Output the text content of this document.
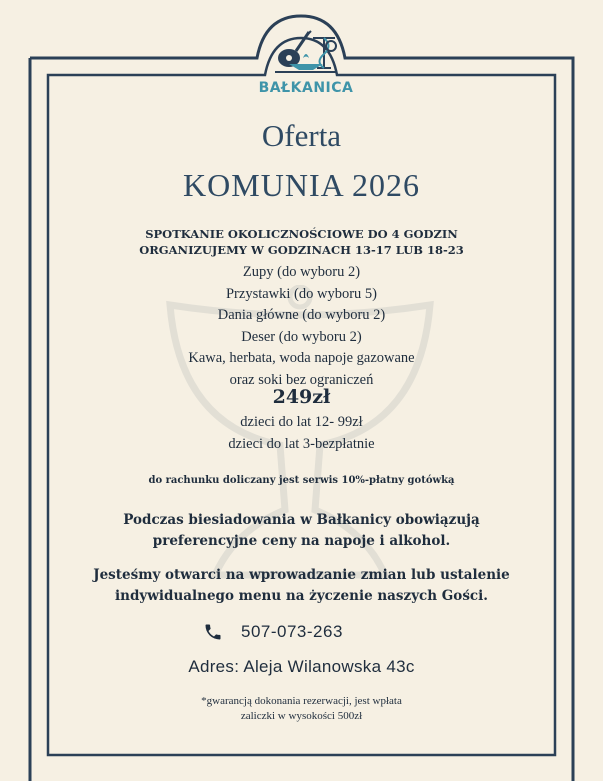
BAŁKANICA
Oferta
KOMUNIA 2026
SPOTKANIE OKOLICZNOŚCIOWE DO 4 GODZIN
ORGANIZUJEMY W GODZINACH 13-17 LUB 18-23
Zupy (do wyboru 2)
Przystawki (do wyboru 5)
Dania główne (do wyboru 2)
Deser (do wyboru 2)
Kawa, herbata, woda napoje gazowane
oraz soki bez ograniczeń
249zł
dzieci do lat 12- 99zł
dzieci do lat 3-bezpłatnie
do rachunku doliczany jest serwis 10%-płatny gotówką
Podczas biesiadowania w Bałkanicy obowiązują
preferencyjne ceny na napoje i alkohol.
Jesteśmy otwarci na wprowadzanie zmian lub ustalenie
indywidualnego menu na życzenie naszych Gości.
507-073-263
Adres: Aleja Wilanowska 43c
*gwarancją dokonania rezerwacji, jest wpłata
zaliczki w wysokości 500zł
